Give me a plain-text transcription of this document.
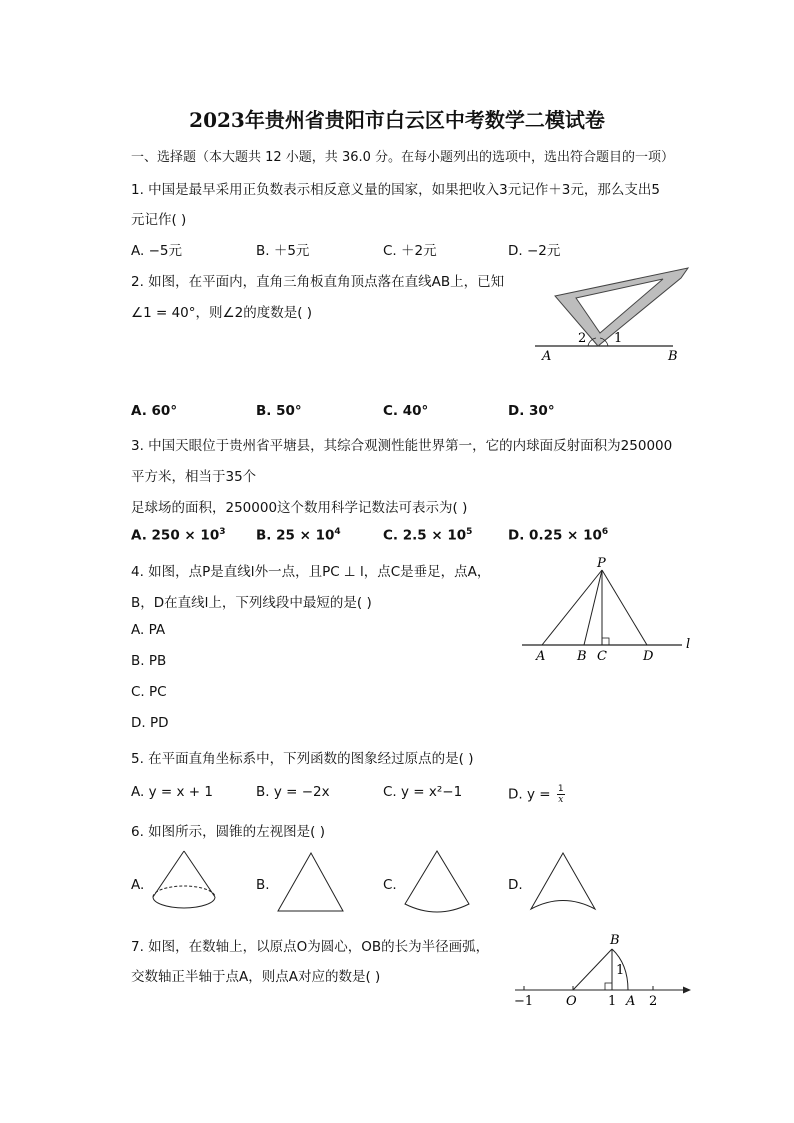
2023年贵州省贵阳市白云区中考数学二模试卷
一、选择题（本大题共 12 小题，共 36.0 分。在每小题列出的选项中，选出符合题目的一项）
1. 中国是最早采用正负数表示相反意义量的国家，如果把收入3元记作＋3元，那么支出5
元记作( )
A. −5元	B. ＋5元	C. ＋2元	D. −2元
2. 如图，在平面内，直角三角板直角顶点落在直线AB上，已知
∠1 = 40°，则∠2的度数是( )
A	B
2 1
A. 60°	B. 50°	C. 40°	D. 30°
3. 中国天眼位于贵州省平塘县，其综合观测性能世界第一，它的内球面反射面积为250000
平方米，相当于35个
足球场的面积，250000这个数用科学记数法可表示为( )
A. $250 \times 10^3$ B. $25 \times 10^4$	C. $2.5 \times 10^5$	D. $0.25 \times 10^6$
4. 如图，点P是直线l外一点，且PC ⊥ l，点C是垂足，点A，
B，D在直线l上，下列线段中最短的是( )
A. PA
B. PB
C. PC
D. PD
P
A B C	D
l
5. 在平面直角坐标系中，下列函数的图象经过原点的是( )
A. y = x + 1	B. y = −2x	C. y = x²−1	D. $y = \frac{1}{x}$
6. 如图所示，圆锥的左视图是( )
A.	B.	C.	D.
7. 如图，在数轴上，以原点O为圆心，OB的长为半径画弧，
交数轴正半轴于点A，则点A对应的数是( )
B
1
−1	O 1 A 2
